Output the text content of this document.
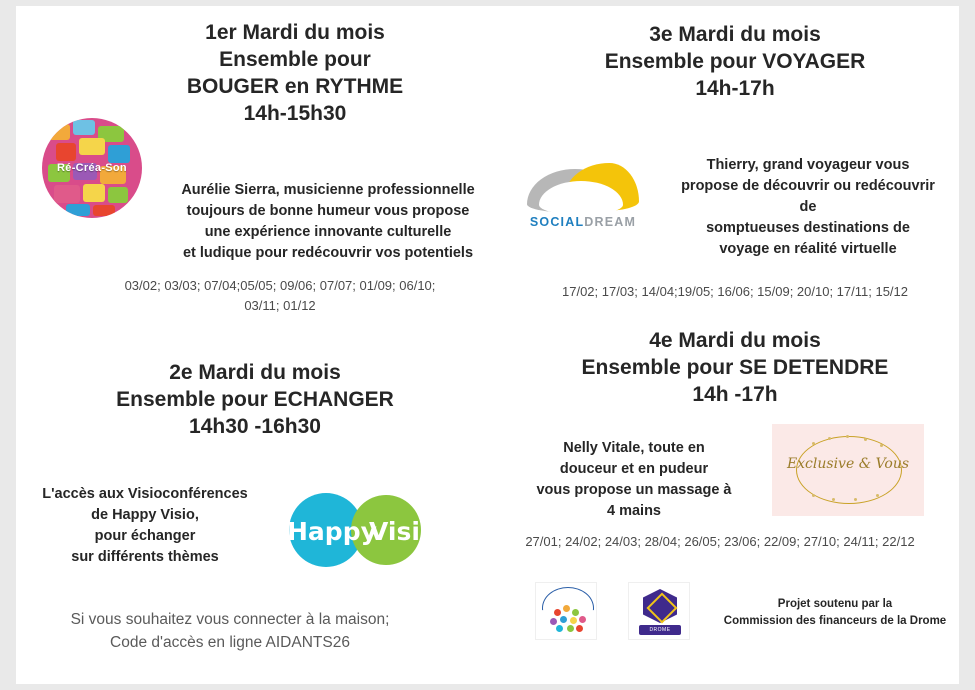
1er Mardi du mois
Ensemble pour
BOUGER en RYTHME
14h-15h30
Ré-Créa-Son
Aurélie Sierra, musicienne professionnelle
toujours de bonne humeur vous propose
une expérience innovante culturelle
et ludique pour redécouvrir vos potentiels
03/02; 03/03; 07/04;05/05; 09/06; 07/07; 01/09; 06/10;
03/11; 01/12
2e Mardi du mois
Ensemble pour ECHANGER
14h30 -16h30
L'accès aux Visioconférences
de Happy Visio,
pour échanger
sur différents thèmes
Happy
Visio
Si vous souhaitez vous connecter à la maison;
Code d'accès en ligne AIDANTS26
3e Mardi du mois
Ensemble pour VOYAGER
14h-17h
SOCIALDREAM
Thierry, grand voyageur vous
propose de découvrir ou redécouvrir
de
somptueuses destinations de
voyage en réalité virtuelle
17/02; 17/03; 14/04;19/05; 16/06; 15/09; 20/10; 17/11; 15/12
4e Mardi du mois
Ensemble pour SE DETENDRE
14h -17h
Nelly Vitale, toute en
douceur et en pudeur
vous propose un massage à
4 mains
Exclusive & Vous
27/01; 24/02; 24/03; 28/04; 26/05; 23/06; 22/09; 27/10; 24/11; 22/12
DROME
Projet soutenu par la
Commission des financeurs de la Drome
